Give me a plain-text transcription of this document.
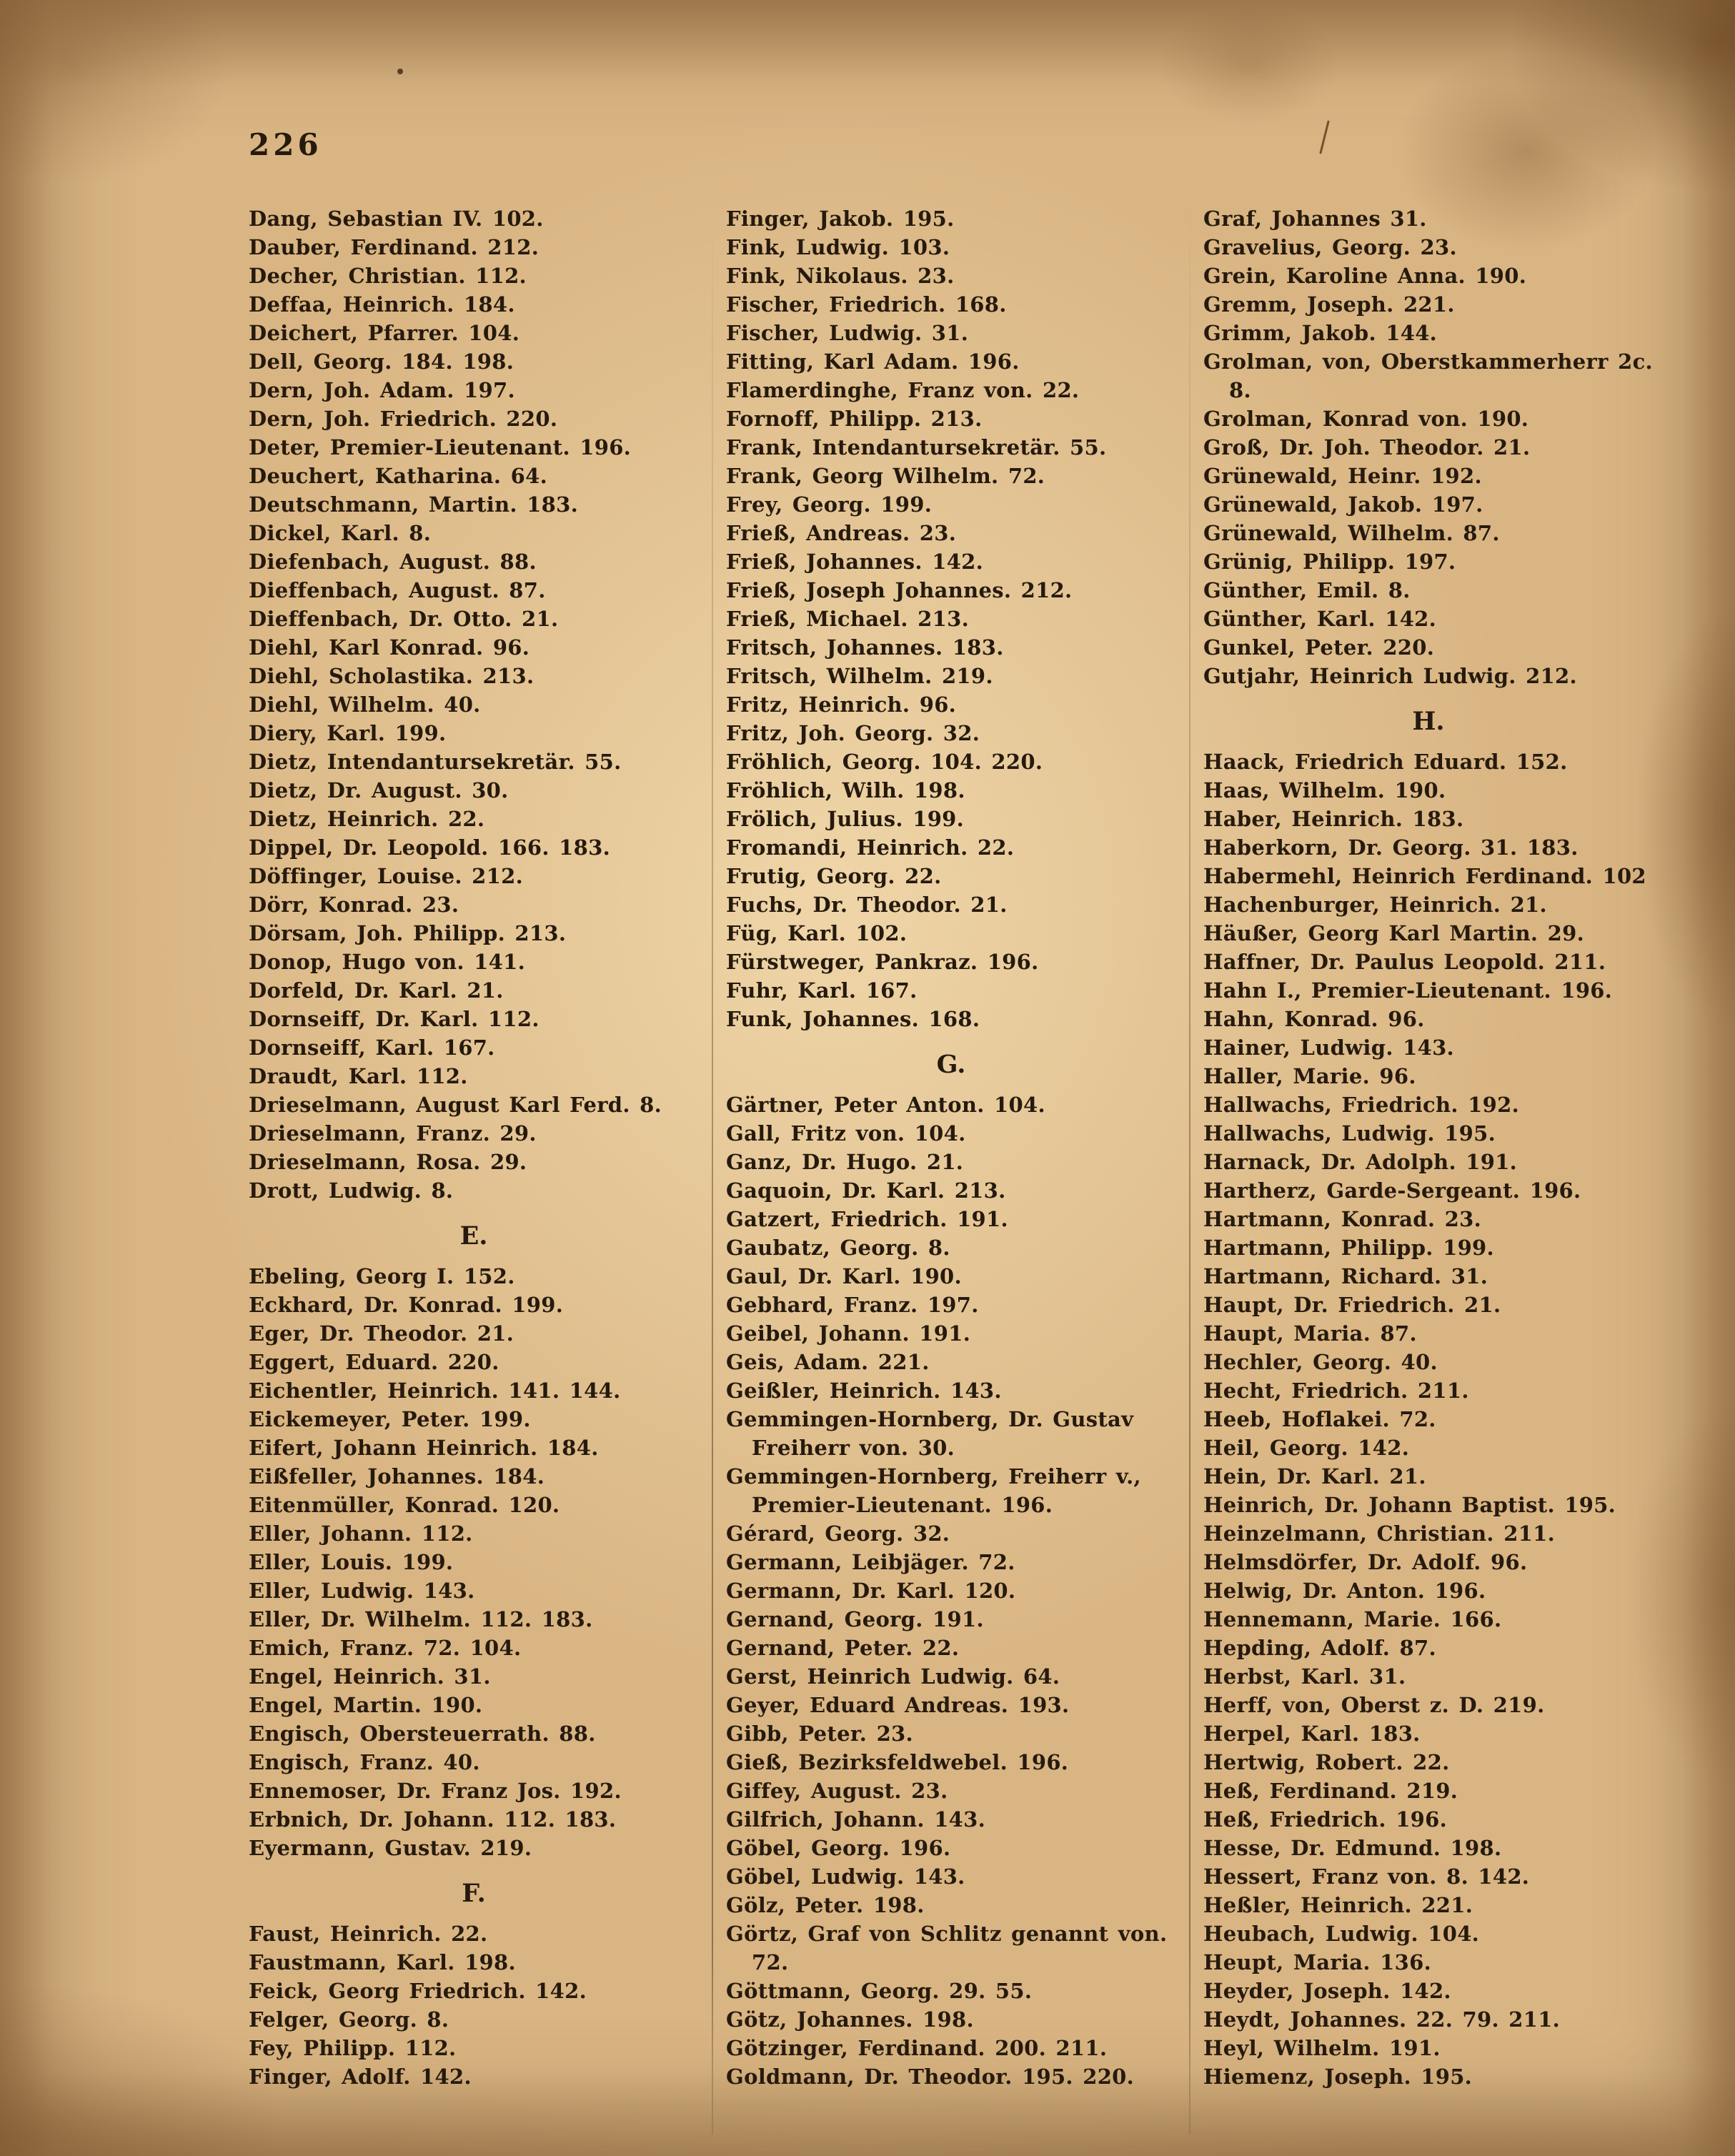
226
Dang, Sebastian IV. 102.
Dauber, Ferdinand. 212.
Decher, Christian. 112.
Deffaa, Heinrich. 184.
Deichert, Pfarrer. 104.
Dell, Georg. 184. 198.
Dern, Joh. Adam. 197.
Dern, Joh. Friedrich. 220.
Deter, Premier-Lieutenant. 196.
Deuchert, Katharina. 64.
Deutschmann, Martin. 183.
Dickel, Karl. 8.
Diefenbach, August. 88.
Dieffenbach, August. 87.
Dieffenbach, Dr. Otto. 21.
Diehl, Karl Konrad. 96.
Diehl, Scholastika. 213.
Diehl, Wilhelm. 40.
Diery, Karl. 199.
Dietz, Intendantursekretär. 55.
Dietz, Dr. August. 30.
Dietz, Heinrich. 22.
Dippel, Dr. Leopold. 166. 183.
Döffinger, Louise. 212.
Dörr, Konrad. 23.
Dörsam, Joh. Philipp. 213.
Donop, Hugo von. 141.
Dorfeld, Dr. Karl. 21.
Dornseiff, Dr. Karl. 112.
Dornseiff, Karl. 167.
Draudt, Karl. 112.
Drieselmann, August Karl Ferd. 8.
Drieselmann, Franz. 29.
Drieselmann, Rosa. 29.
Drott, Ludwig. 8.
E.
Ebeling, Georg I. 152.
Eckhard, Dr. Konrad. 199.
Eger, Dr. Theodor. 21.
Eggert, Eduard. 220.
Eichentler, Heinrich. 141. 144.
Eickemeyer, Peter. 199.
Eifert, Johann Heinrich. 184.
Eißfeller, Johannes. 184.
Eitenmüller, Konrad. 120.
Eller, Johann. 112.
Eller, Louis. 199.
Eller, Ludwig. 143.
Eller, Dr. Wilhelm. 112. 183.
Emich, Franz. 72. 104.
Engel, Heinrich. 31.
Engel, Martin. 190.
Engisch, Obersteuerrath. 88.
Engisch, Franz. 40.
Ennemoser, Dr. Franz Jos. 192.
Erbnich, Dr. Johann. 112. 183.
Eyermann, Gustav. 219.
F.
Faust, Heinrich. 22.
Faustmann, Karl. 198.
Feick, Georg Friedrich. 142.
Felger, Georg. 8.
Fey, Philipp. 112.
Finger, Adolf. 142.
Finger, Jakob. 195.
Fink, Ludwig. 103.
Fink, Nikolaus. 23.
Fischer, Friedrich. 168.
Fischer, Ludwig. 31.
Fitting, Karl Adam. 196.
Flamerdinghe, Franz von. 22.
Fornoff, Philipp. 213.
Frank, Intendantursekretär. 55.
Frank, Georg Wilhelm. 72.
Frey, Georg. 199.
Frieß, Andreas. 23.
Frieß, Johannes. 142.
Frieß, Joseph Johannes. 212.
Frieß, Michael. 213.
Fritsch, Johannes. 183.
Fritsch, Wilhelm. 219.
Fritz, Heinrich. 96.
Fritz, Joh. Georg. 32.
Fröhlich, Georg. 104. 220.
Fröhlich, Wilh. 198.
Frölich, Julius. 199.
Fromandi, Heinrich. 22.
Frutig, Georg. 22.
Fuchs, Dr. Theodor. 21.
Füg, Karl. 102.
Fürstweger, Pankraz. 196.
Fuhr, Karl. 167.
Funk, Johannes. 168.
G.
Gärtner, Peter Anton. 104.
Gall, Fritz von. 104.
Ganz, Dr. Hugo. 21.
Gaquoin, Dr. Karl. 213.
Gatzert, Friedrich. 191.
Gaubatz, Georg. 8.
Gaul, Dr. Karl. 190.
Gebhard, Franz. 197.
Geibel, Johann. 191.
Geis, Adam. 221.
Geißler, Heinrich. 143.
Gemmingen-Hornberg, Dr. Gustav Freiherr von. 30.
Gemmingen-Hornberg, Freiherr v., Premier-Lieutenant. 196.
Gérard, Georg. 32.
Germann, Leibjäger. 72.
Germann, Dr. Karl. 120.
Gernand, Georg. 191.
Gernand, Peter. 22.
Gerst, Heinrich Ludwig. 64.
Geyer, Eduard Andreas. 193.
Gibb, Peter. 23.
Gieß, Bezirksfeldwebel. 196.
Giffey, August. 23.
Gilfrich, Johann. 143.
Göbel, Georg. 196.
Göbel, Ludwig. 143.
Gölz, Peter. 198.
Görtz, Graf von Schlitz genannt von. 72.
Göttmann, Georg. 29. 55.
Götz, Johannes. 198.
Götzinger, Ferdinand. 200. 211.
Goldmann, Dr. Theodor. 195. 220.
Graf, Johannes 31.
Gravelius, Georg. 23.
Grein, Karoline Anna. 190.
Gremm, Joseph. 221.
Grimm, Jakob. 144.
Grolman, von, Oberstkammerherr 2c. 8.
Grolman, Konrad von. 190.
Groß, Dr. Joh. Theodor. 21.
Grünewald, Heinr. 192.
Grünewald, Jakob. 197.
Grünewald, Wilhelm. 87.
Grünig, Philipp. 197.
Günther, Emil. 8.
Günther, Karl. 142.
Gunkel, Peter. 220.
Gutjahr, Heinrich Ludwig. 212.
H.
Haack, Friedrich Eduard. 152.
Haas, Wilhelm. 190.
Haber, Heinrich. 183.
Haberkorn, Dr. Georg. 31. 183.
Habermehl, Heinrich Ferdinand. 102
Hachenburger, Heinrich. 21.
Häußer, Georg Karl Martin. 29.
Haffner, Dr. Paulus Leopold. 211.
Hahn I., Premier-Lieutenant. 196.
Hahn, Konrad. 96.
Hainer, Ludwig. 143.
Haller, Marie. 96.
Hallwachs, Friedrich. 192.
Hallwachs, Ludwig. 195.
Harnack, Dr. Adolph. 191.
Hartherz, Garde-Sergeant. 196.
Hartmann, Konrad. 23.
Hartmann, Philipp. 199.
Hartmann, Richard. 31.
Haupt, Dr. Friedrich. 21.
Haupt, Maria. 87.
Hechler, Georg. 40.
Hecht, Friedrich. 211.
Heeb, Hoflakei. 72.
Heil, Georg. 142.
Hein, Dr. Karl. 21.
Heinrich, Dr. Johann Baptist. 195.
Heinzelmann, Christian. 211.
Helmsdörfer, Dr. Adolf. 96.
Helwig, Dr. Anton. 196.
Hennemann, Marie. 166.
Hepding, Adolf. 87.
Herbst, Karl. 31.
Herff, von, Oberst z. D. 219.
Herpel, Karl. 183.
Hertwig, Robert. 22.
Heß, Ferdinand. 219.
Heß, Friedrich. 196.
Hesse, Dr. Edmund. 198.
Hessert, Franz von. 8. 142.
Heßler, Heinrich. 221.
Heubach, Ludwig. 104.
Heupt, Maria. 136.
Heyder, Joseph. 142.
Heydt, Johannes. 22. 79. 211.
Heyl, Wilhelm. 191.
Hiemenz, Joseph. 195.
